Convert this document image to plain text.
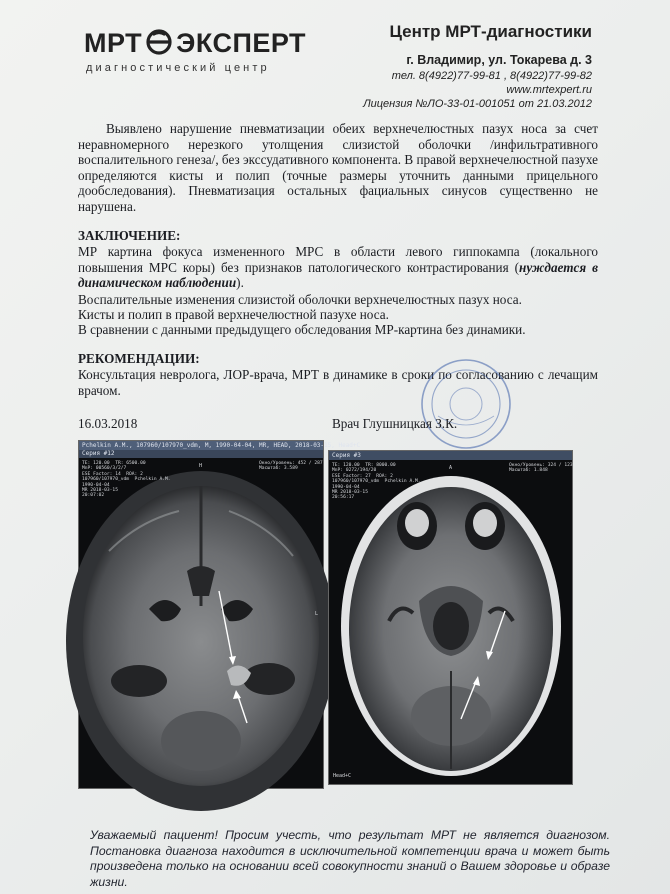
МРТ ЭКСПЕРТ
диагностический центр
Центр МРТ-диагностики
г. Владимир, ул. Токарева д. 3
тел. 8(4922)77-99-81 , 8(4922)77-99-82
www.mrtexpert.ru
Лицензия №ЛО-33-01-001051 от 21.03.2012
Выявлено нарушение пневматизации обеих верхнечелюстных пазух носа за счет неравномерного нерезкого утолщения слизистой оболочки /инфильтративного воспалительного генеза/, без экссудативного компонента. В правой верхнечелюстной пазухе определяются кисты и полип (точные размеры уточнить данными прицельного дообследования). Пневматизация остальных фациальных синусов существенно не нарушена.
ЗАКЛЮЧЕНИЕ:
МР картина фокуса измененного МРС в области левого гиппокампа (локального повышения МРС коры) без признаков патологического контрастирования (нуждается в динамическом наблюдении).
Воспалительные изменения слизистой оболочки верхнечелюстных пазух носа.
Кисты и полип в правой верхнечелюстной пазухе носа.
В сравнении с данными предыдущего обследования МР-картина без динамики.
РЕКОМЕНДАЦИИ:
Консультация невролога, ЛОР-врача, МРТ в динамике в сроки по согласованию с лечащим врачом.
16.03.2018	Врач Глушницкая З.К.
Pchelkin A.M., 107960/107970_vdm, M, 1990-04-04, MR, HEAD, 2018-03-15, Head+C
Серия #12
TE: 120.00  TR: 6500.00
MnP: 00560/3/2/7
ESE Factor: 14  ROA: 2
107960/107970_vdm  Pchelkin A.M.
1990-04-04
MR 2018-03-15
20:07:02
Окно/Уровень: 452 / 287
Масштаб: 3.589
H
L
Серия #3
TE: 120.00  TR: 8000.00
MnP: 0272/194/20
ESE Factor: 27  ROA: 2
107960/107970_vdm  Pchelkin A.M.
1990-04-04
MR 2018-03-15
20:56:17
Окно/Уровень: 324 / 123
Масштаб: 1.848
A
Head+C
Уважаемый пациент! Просим учесть, что результат МРТ не является диагнозом. Постановка диагноза находится в исключительной компетенции врача и может быть произведена только на основании всей совокупности знаний о Вашем здоровье и образе жизни.
